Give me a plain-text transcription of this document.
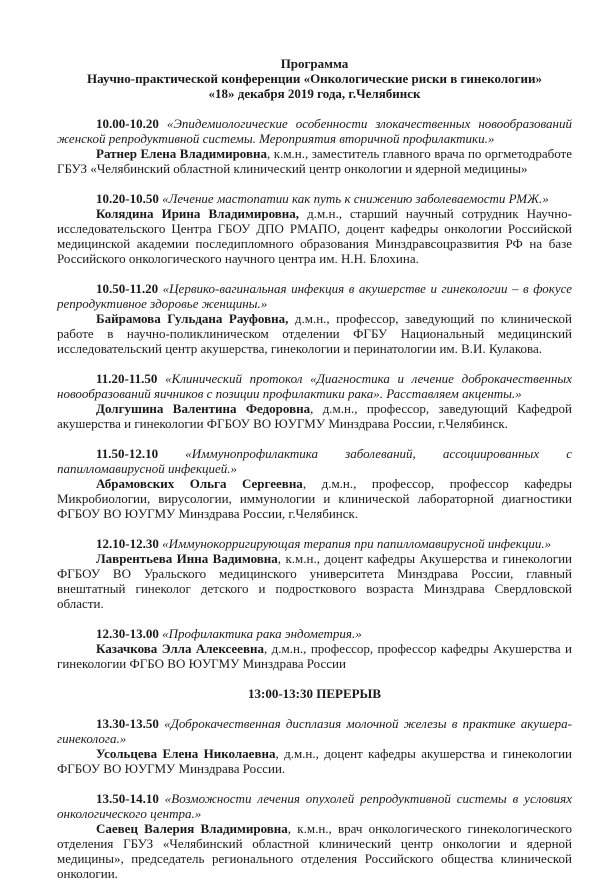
Программа
Научно-практической конференции «Онкологические риски в гинекологии»
«18» декабря 2019 года, г.Челябинск

10.00-10.20 «Эпидемиологические особенности злокачественных новообразований женской репродуктивной системы. Мероприятия вторичной профилактики.»

Ратнер Елена Владимировна, к.м.н., заместитель главного врача по оргметодработе ГБУЗ «Челябинский областной клинический центр онкологии и ядерной медицины»

10.20-10.50 «Лечение мастопатии как путь к снижению заболеваемости РМЖ.»

Колядина Ирина Владимировна, д.м.н., старший научный сотрудник Научно-исследовательского Центра ГБОУ ДПО РМАПО, доцент кафедры онкологии Российской медицинской академии последипломного образования Минздравсоцразвития РФ на базе Российского онкологического научного центра им. Н.Н. Блохина.

10.50-11.20 «Цервико-вагинальная инфекция в акушерстве и гинекологии – в фокусе репродуктивное здоровье женщины.»

Байрамова Гульдана Рауфовна, д.м.н., профессор, заведующий по клинической работе в научно-поликлиническом отделении ФГБУ Национальный медицинский исследовательский центр акушерства, гинекологии и перинатологии им. В.И. Кулакова.

11.20-11.50 «Клинический протокол «Диагностика и лечение доброкачественных новообразований яичников с позиции профилактики рака». Расставляем акценты.»

Долгушина Валентина Федоровна, д.м.н., профессор, заведующий Кафедрой акушерства и гинекологии ФГБОУ ВО ЮУГМУ Минздрава России, г.Челябинск.

11.50-12.10 «Иммунопрофилактика заболеваний, ассоциированных с папилломавирусной инфекцией.»

Абрамовских Ольга Сергеевна, д.м.н., профессор, профессор кафедры Микробиологии, вирусологии, иммунологии и клинической лабораторной диагностики ФГБОУ ВО ЮУГМУ Минздрава России, г.Челябинск.

12.10-12.30 «Иммунокорригирующая терапия при папилломавирусной инфекции.»

Лаврентьева Инна Вадимовна, к.м.н., доцент кафедры Акушерства и гинекологии ФГБОУ ВО Уральского медицинского университета Минздрава России, главный внештатный гинеколог детского и подросткового возраста Минздрава Свердловской области.

12.30-13.00 «Профилактика рака эндометрия.»

Казачкова Элла Алексеевна, д.м.н., профессор, профессор кафедры Акушерства и гинекологии ФГБО ВО ЮУГМУ Минздрава России

13:00-13:30 ПЕРЕРЫВ

13.30-13.50 «Доброкачественная дисплазия молочной железы в практике акушера-гинеколога.»

Усольцева Елена Николаевна, д.м.н., доцент кафедры акушерства и гинекологии ФГБОУ ВО ЮУГМУ Минздрава России.

13.50-14.10 «Возможности лечения опухолей репродуктивной системы в условиях онкологического центра.»

Саевец Валерия Владимировна, к.м.н., врач онкологического гинекологического отделения ГБУЗ «Челябинский областной клинический центр онкологии и ядерной медицины», председатель регионального отделения Российского общества клинической онкологии.
